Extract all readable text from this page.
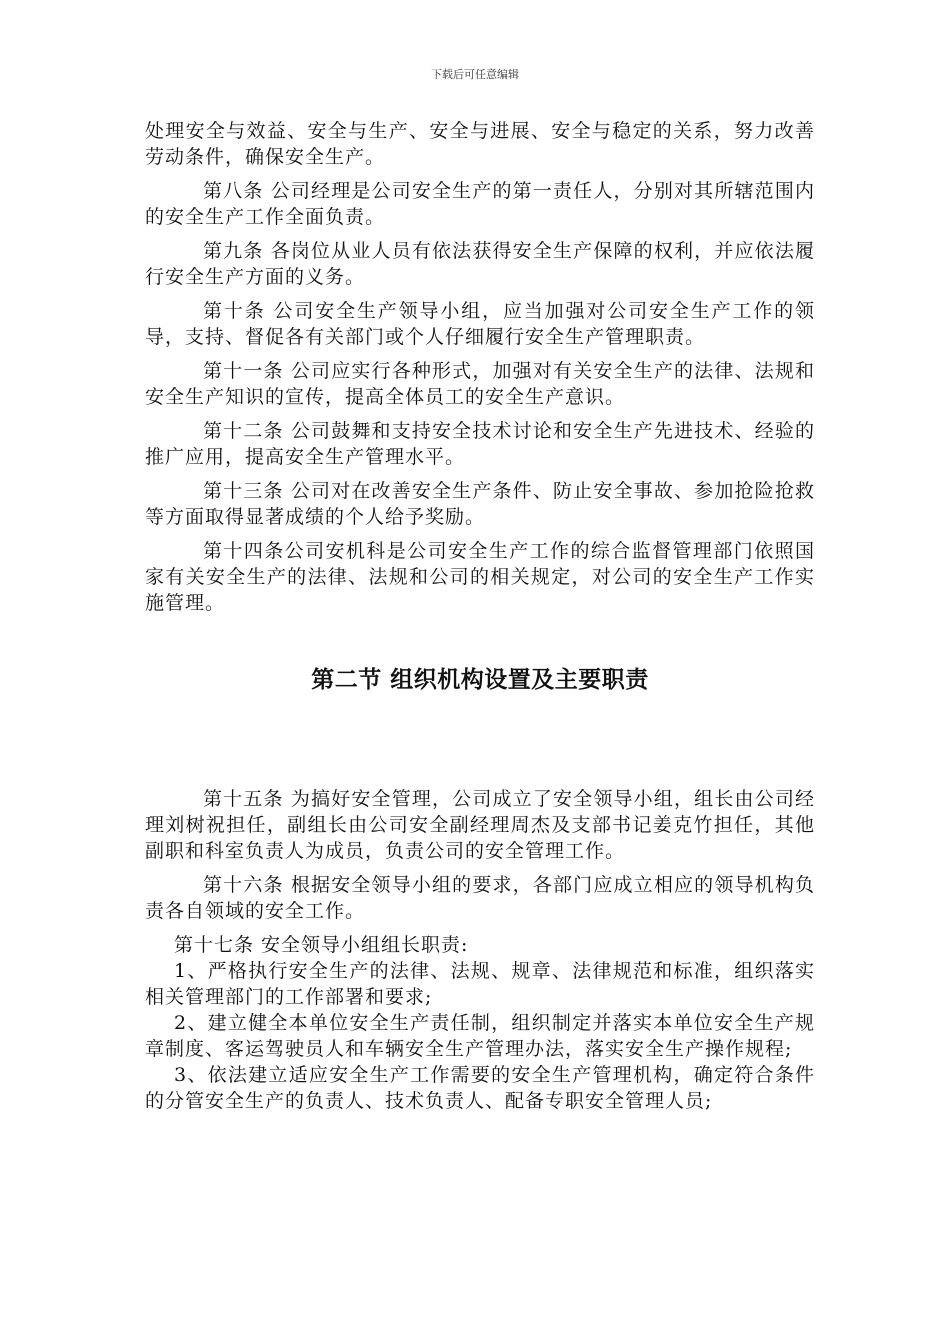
下载后可任意编辑

处理安全与效益、安全与生产、安全与进展、安全与稳定的关系，努力改善劳动条件，确保安全生产。

第八条 公司经理是公司安全生产的第一责任人，分别对其所辖范围内的安全生产工作全面负责。

第九条 各岗位从业人员有依法获得安全生产保障的权利，并应依法履行安全生产方面的义务。

第十条 公司安全生产领导小组，应当加强对公司安全生产工作的领导，支持、督促各有关部门或个人仔细履行安全生产管理职责。

第十一条 公司应实行各种形式，加强对有关安全生产的法律、法规和安全生产知识的宣传，提高全体员工的安全生产意识。

第十二条 公司鼓舞和支持安全技术讨论和安全生产先进技术、经验的推广应用，提高安全生产管理水平。

第十三条 公司对在改善安全生产条件、防止安全事故、参加抢险抢救等方面取得显著成绩的个人给予奖励。

第十四条公司安机科是公司安全生产工作的综合监督管理部门依照国家有关安全生产的法律、法规和公司的相关规定，对公司的安全生产工作实施管理。

第二节 组织机构设置及主要职责

第十五条 为搞好安全管理，公司成立了安全领导小组，组长由公司经理刘树祝担任，副组长由公司安全副经理周杰及支部书记姜克竹担任，其他副职和科室负责人为成员，负责公司的安全管理工作。

第十六条 根据安全领导小组的要求，各部门应成立相应的领导机构负责各自领域的安全工作。

第十七条 安全领导小组组长职责:

1、严格执行安全生产的法律、法规、规章、法律规范和标准，组织落实相关管理部门的工作部署和要求;

2、建立健全本单位安全生产责任制，组织制定并落实本单位安全生产规章制度、客运驾驶员人和车辆安全生产管理办法，落实安全生产操作规程;

3、依法建立适应安全生产工作需要的安全生产管理机构，确定符合条件的分管安全生产的负责人、技术负责人、配备专职安全管理人员;
